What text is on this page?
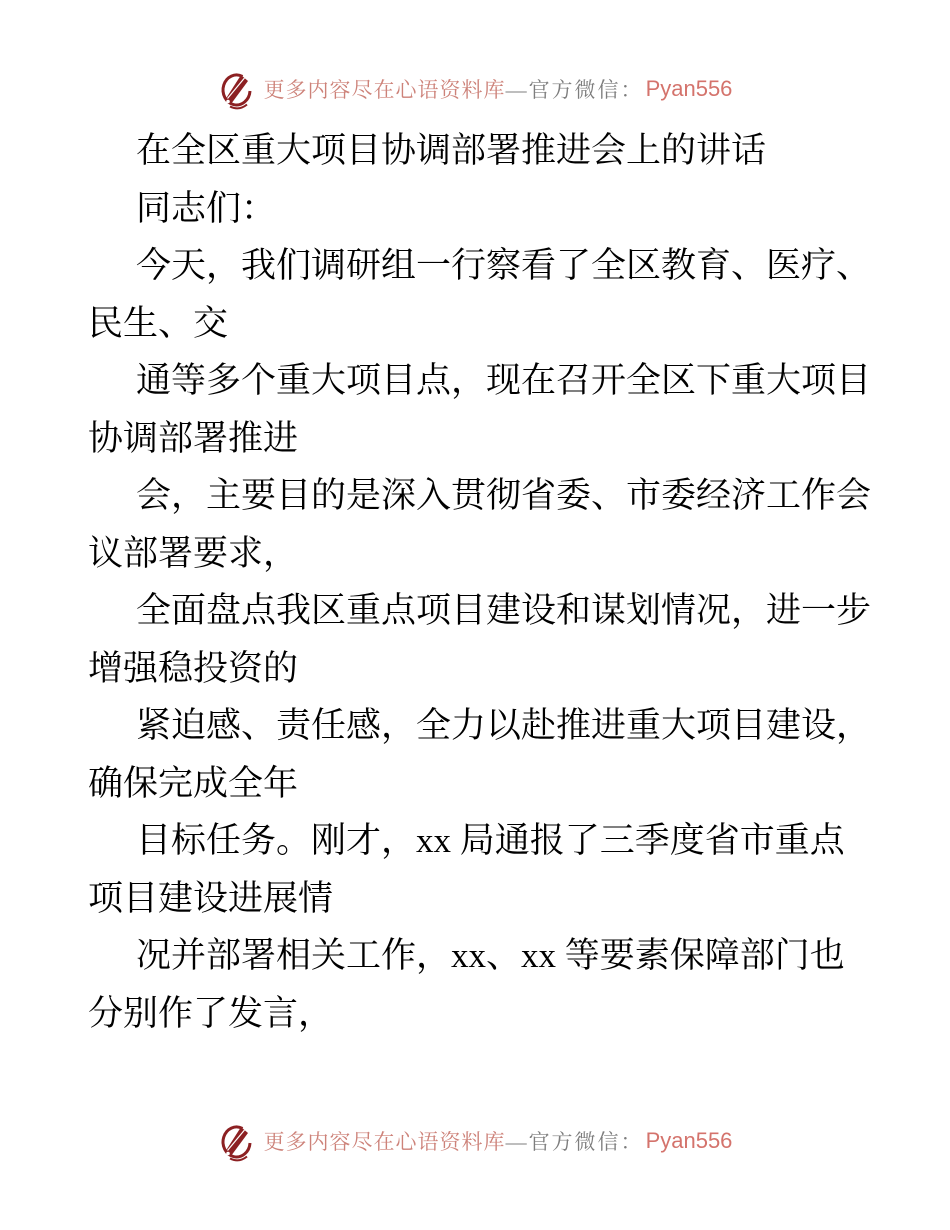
更多内容尽在心语资料库 —官方微信： Pyan556
在全区重大项目协调部署推进会上的讲话
同志们：
今天，我们调研组一行察看了全区教育、医疗、
民生、交
通等多个重大项目点，现在召开全区下重大项目
协调部署推进
会，主要目的是深入贯彻省委、市委经济工作会
议部署要求，
全面盘点我区重点项目建设和谋划情况，进一步
增强稳投资的
紧迫感、责任感，全力以赴推进重大项目建设，
确保完成全年
目标任务。刚才，xx 局通报了三季度省市重点
项目建设进展情
况并部署相关工作，xx、xx 等要素保障部门也
分别作了发言，
更多内容尽在心语资料库 —官方微信： Pyan556
